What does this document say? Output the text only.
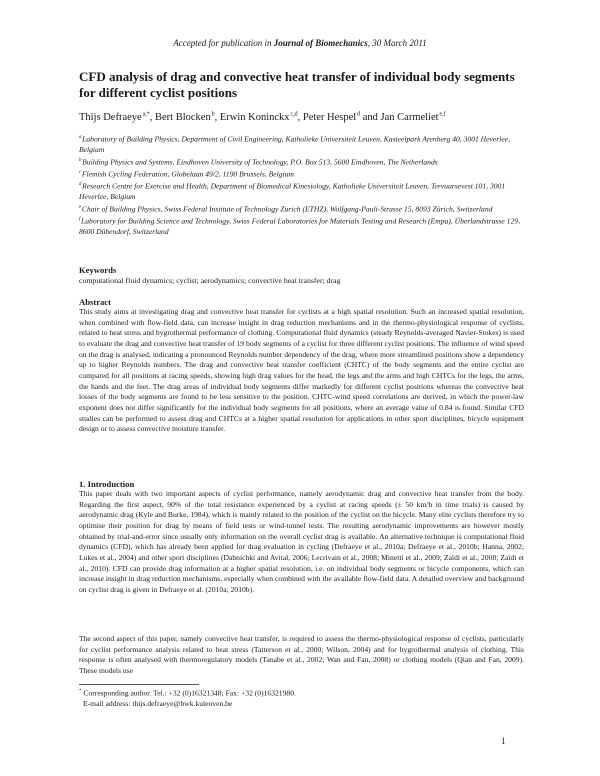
Accepted for publication in Journal of Biomechanics, 30 March 2011
CFD analysis of drag and convective heat transfer of individual body segments for different cyclist positions
Thijs Defraeye $^{a,*}$, Bert Blocken $^b$, Erwin Koninckx $^{c,d}$, Peter Hespel $^d$ and Jan Carmeliet $^{e,f}$

$^a$ Laboratory of Building Physics, Department of Civil Engineering, Katholieke Universiteit Leuven, Kasteelpark Arenberg 40, 3001 Heverlee, Belgium

$^b$ Building Physics and Systems, Eindhoven University of Technology, P.O. Box 513, 5600 Eindhoven, The Netherlands

$^c$ Flemish Cycling Federation, Globelaan 49/2, 1190 Brussels, Belgium

$^d$ Research Centre for Exercise and Health, Department of Biomedical Kinesiology, Katholieke Universiteit Leuven, Tervuursevest 101, 3001 Heverlee, Belgium

$^e$ Chair of Building Physics, Swiss Federal Institute of Technology Zurich (ETHZ), Wolfgang-Pauli-Strasse 15, 8093 Zürich, Switzerland

$^f$ Laboratory for Building Science and Technology, Swiss Federal Laboratories for Materials Testing and Research (Empa), Überlandstrasse 129, 8600 Dübendorf, Switzerland

Keywords
computational fluid dynamics; cyclist; aerodynamics; convective heat transfer; drag
Abstract
This study aims at investigating drag and convective heat transfer for cyclists at a high spatial resolution. Such an increased spatial resolution, when combined with flow-field data, can increase insight in drag reduction mechanisms and in the thermo-physiological response of cyclists, related to heat stress and hygrothermal performance of clothing. Computational fluid dynamics (steady Reynolds-averaged Navier-Stokes) is used to evaluate the drag and convective heat transfer of 19 body segments of a cyclist for three different cyclist positions. The influence of wind speed on the drag is analysed, indicating a pronounced Reynolds number dependency of the drag, where more streamlined positions show a dependency up to higher Reynolds numbers. The drag and convective heat transfer coefficient (CHTC) of the body segments and the entire cyclist are compared for all positions at racing speeds, showing high drag values for the head, the legs and the arms and high CHTCs for the legs, the arms, the hands and the feet. The drag areas of individual body segments differ markedly for different cyclist positions whereas the convective heat losses of the body segments are found to be less sensitive to the position. CHTC-wind speed correlations are derived, in which the power-law exponent does not differ significantly for the individual body segments for all positions, where an average value of 0.84 is found. Similar CFD studies can be performed to assess drag and CHTCs at a higher spatial resolution for applications in other sport disciplines, bicycle equipment design or to assess convective moisture transfer.
1. Introduction
This paper deals with two important aspects of cyclist performance, namely aerodynamic drag and convective heat transfer from the body. Regarding the first aspect, 90% of the total resistance experienced by a cyclist at racing speeds (± 50 km/h in time trials) is caused by aerodynamic drag (Kyle and Burke, 1984), which is mainly related to the position of the cyclist on the bicycle. Many elite cyclists therefore try to optimise their position for drag by means of field tests or wind-tunnel tests. The resulting aerodynamic improvements are however mostly obtained by trial-and-error since usually only information on the overall cyclist drag is available. An alternative technique is computational fluid dynamics (CFD), which has already been applied for drag evaluation in cycling (Defraeye et al., 2010a; Defraeye et al., 2010b; Hanna, 2002; Lukes et al., 2004) and other sport disciplines (Dabnichki and Avital, 2006; Lecrivain et al., 2008; Minetti et al., 2009; Zaïdi et al., 2008; Zaïdi et al., 2010). CFD can provide drag information at a higher spatial resolution, i.e. on individual body segments or bicycle components, which can increase insight in drag reduction mechanisms, especially when combined with the available flow-field data. A detailed overview and background on cyclist drag is given in Defraeye et al. (2010a; 2010b).
The second aspect of this paper, namely convective heat transfer, is required to assess the thermo-physiological response of cyclists, particularly for cyclist performance analysis related to heat stress (Tatterson et al., 2000; Wilson, 2004) and for hygrothermal analysis of clothing. This response is often analysed with thermoregulatory models (Tanabe et al., 2002; Wan and Fan, 2008) or clothing models (Qian and Fan, 2009). These models use
* Corresponding author. Tel.: +32 (0)16321348; Fax: +32 (0)16321980.
E-mail address: thijs.defraeye@bwk.kuleuven.be
1
